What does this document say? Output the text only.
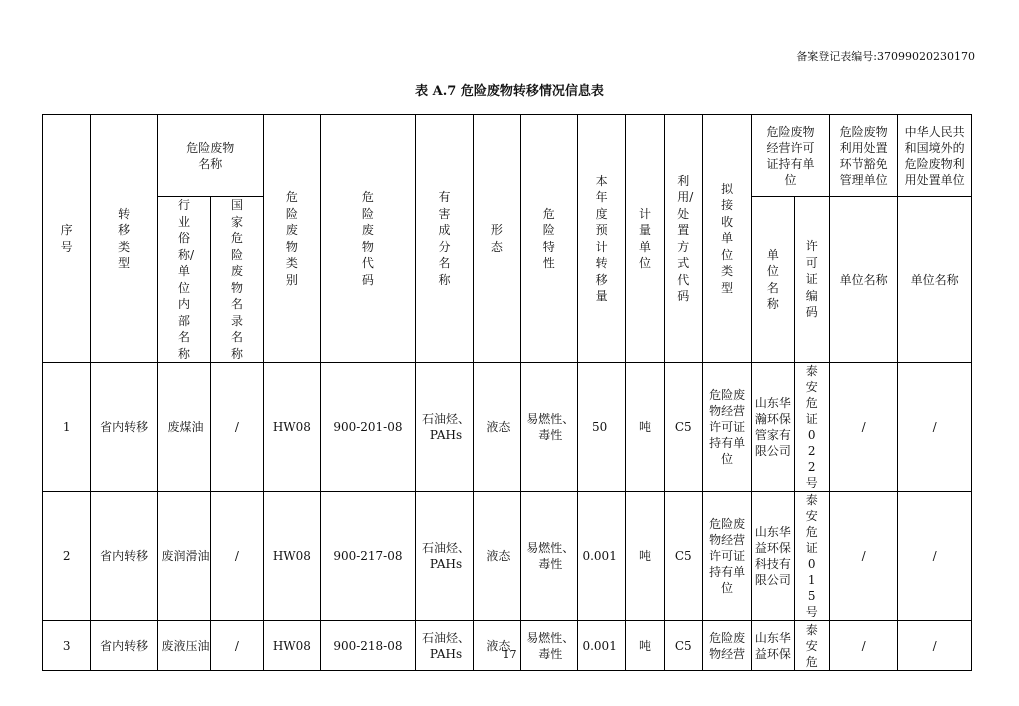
备案登记表编号:37099020230170
表 A.7 危险废物转移情况信息表
序号	转移类型	危险废物名称		危险废物类别	危险废物代码	有害成分名称	形态	危险特性	本年度预计转移量	计量单位	利用/处置方式代码	拟接收单位类型	危险废物经营许可证持有单位		危险废物利用处置环节豁免管理单位	中华人民共和国境外的危险废物利用处置单位

		行业俗称/单位内部名称	国家危险废物名录名称										单位名称	许可证编码	单位名称	单位名称

1	省内转移	废煤油	/	HW08	900-201-08	石油烃、PAHs	液态	易燃性、毒性	50	吨	C5	危险废物经营许可证持有单位	山东华瀚环保管家有限公司	泰安危证022号	/	/
2	省内转移	废润滑油	/	HW08	900-217-08	石油烃、PAHs	液态	易燃性、毒性	0.001	吨	C5	危险废物经营许可证持有单位	山东华益环保科技有限公司	泰安危证015号	/	/
3	省内转移	废液压油	/	HW08	900-218-08	石油烃、PAHs	液态	易燃性、毒性	0.001	吨	C5	危险废物经营	山东华益环保	泰安危	/	/
17
